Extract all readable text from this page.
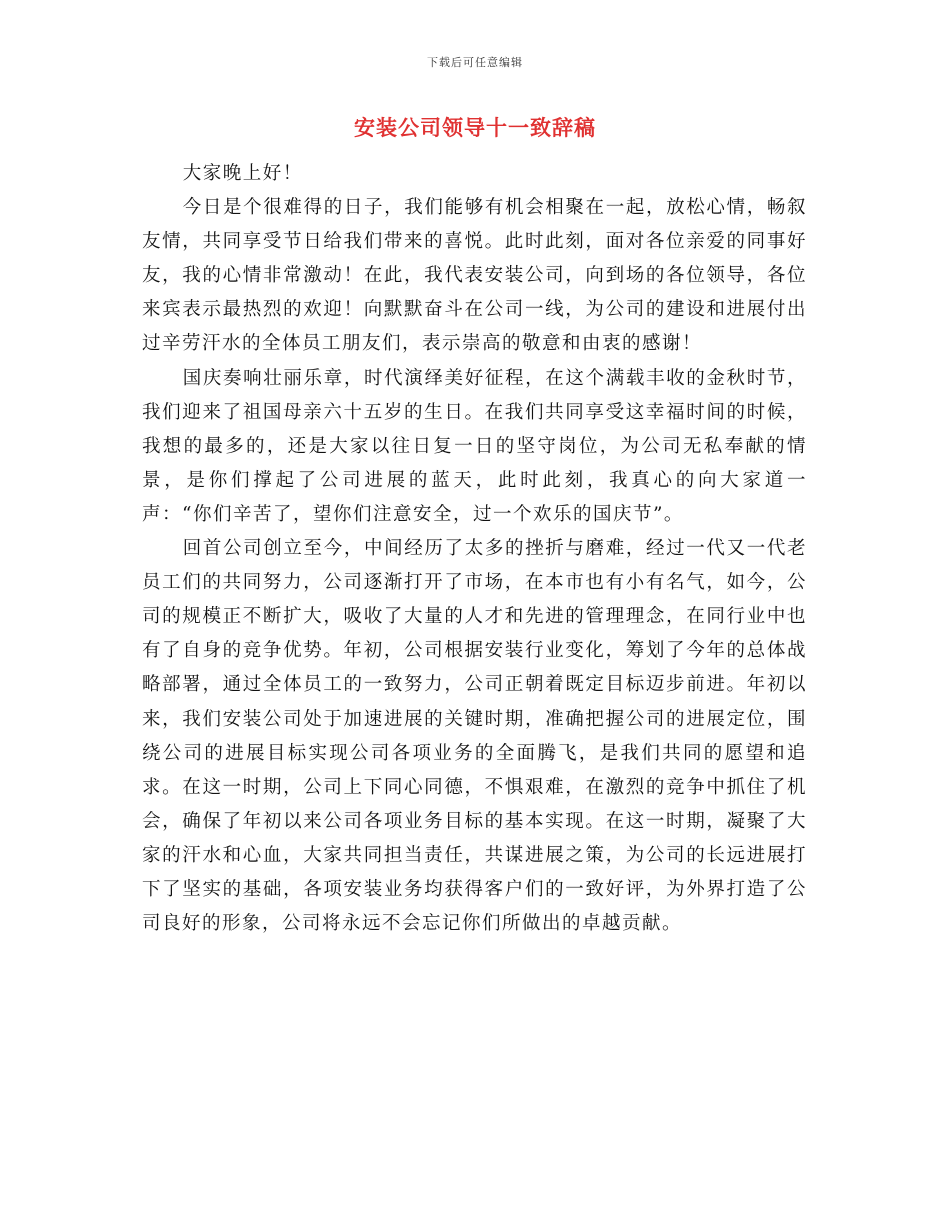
下载后可任意编辑
安装公司领导十一致辞稿

大家晚上好！

今日是个很难得的日子，我们能够有机会相聚在一起，放松心情，畅叙友情，共同享受节日给我们带来的喜悦。此时此刻，面对各位亲爱的同事好友，我的心情非常激动！在此，我代表安装公司，向到场的各位领导，各位来宾表示最热烈的欢迎！向默默奋斗在公司一线，为公司的建设和进展付出过辛劳汗水的全体员工朋友们，表示崇高的敬意和由衷的感谢！

国庆奏响壮丽乐章，时代演绎美好征程，在这个满载丰收的金秋时节，我们迎来了祖国母亲六十五岁的生日。在我们共同享受这幸福时间的时候，我想的最多的，还是大家以往日复一日的坚守岗位，为公司无私奉献的情景，是你们撑起了公司进展的蓝天，此时此刻，我真心的向大家道一声：“你们辛苦了，望你们注意安全，过一个欢乐的国庆节”。

回首公司创立至今，中间经历了太多的挫折与磨难，经过一代又一代老员工们的共同努力，公司逐渐打开了市场，在本市也有小有名气，如今，公司的规模正不断扩大，吸收了大量的人才和先进的管理理念，在同行业中也有了自身的竞争优势。年初，公司根据安装行业变化，筹划了今年的总体战略部署，通过全体员工的一致努力，公司正朝着既定目标迈步前进。年初以来，我们安装公司处于加速进展的关键时期，准确把握公司的进展定位，围绕公司的进展目标实现公司各项业务的全面腾飞，是我们共同的愿望和追求。在这一时期，公司上下同心同德，不惧艰难，在激烈的竞争中抓住了机会，确保了年初以来公司各项业务目标的基本实现。在这一时期，凝聚了大家的汗水和心血，大家共同担当责任，共谋进展之策，为公司的长远进展打下了坚实的基础，各项安装业务均获得客户们的一致好评，为外界打造了公司良好的形象，公司将永远不会忘记你们所做出的卓越贡献。
